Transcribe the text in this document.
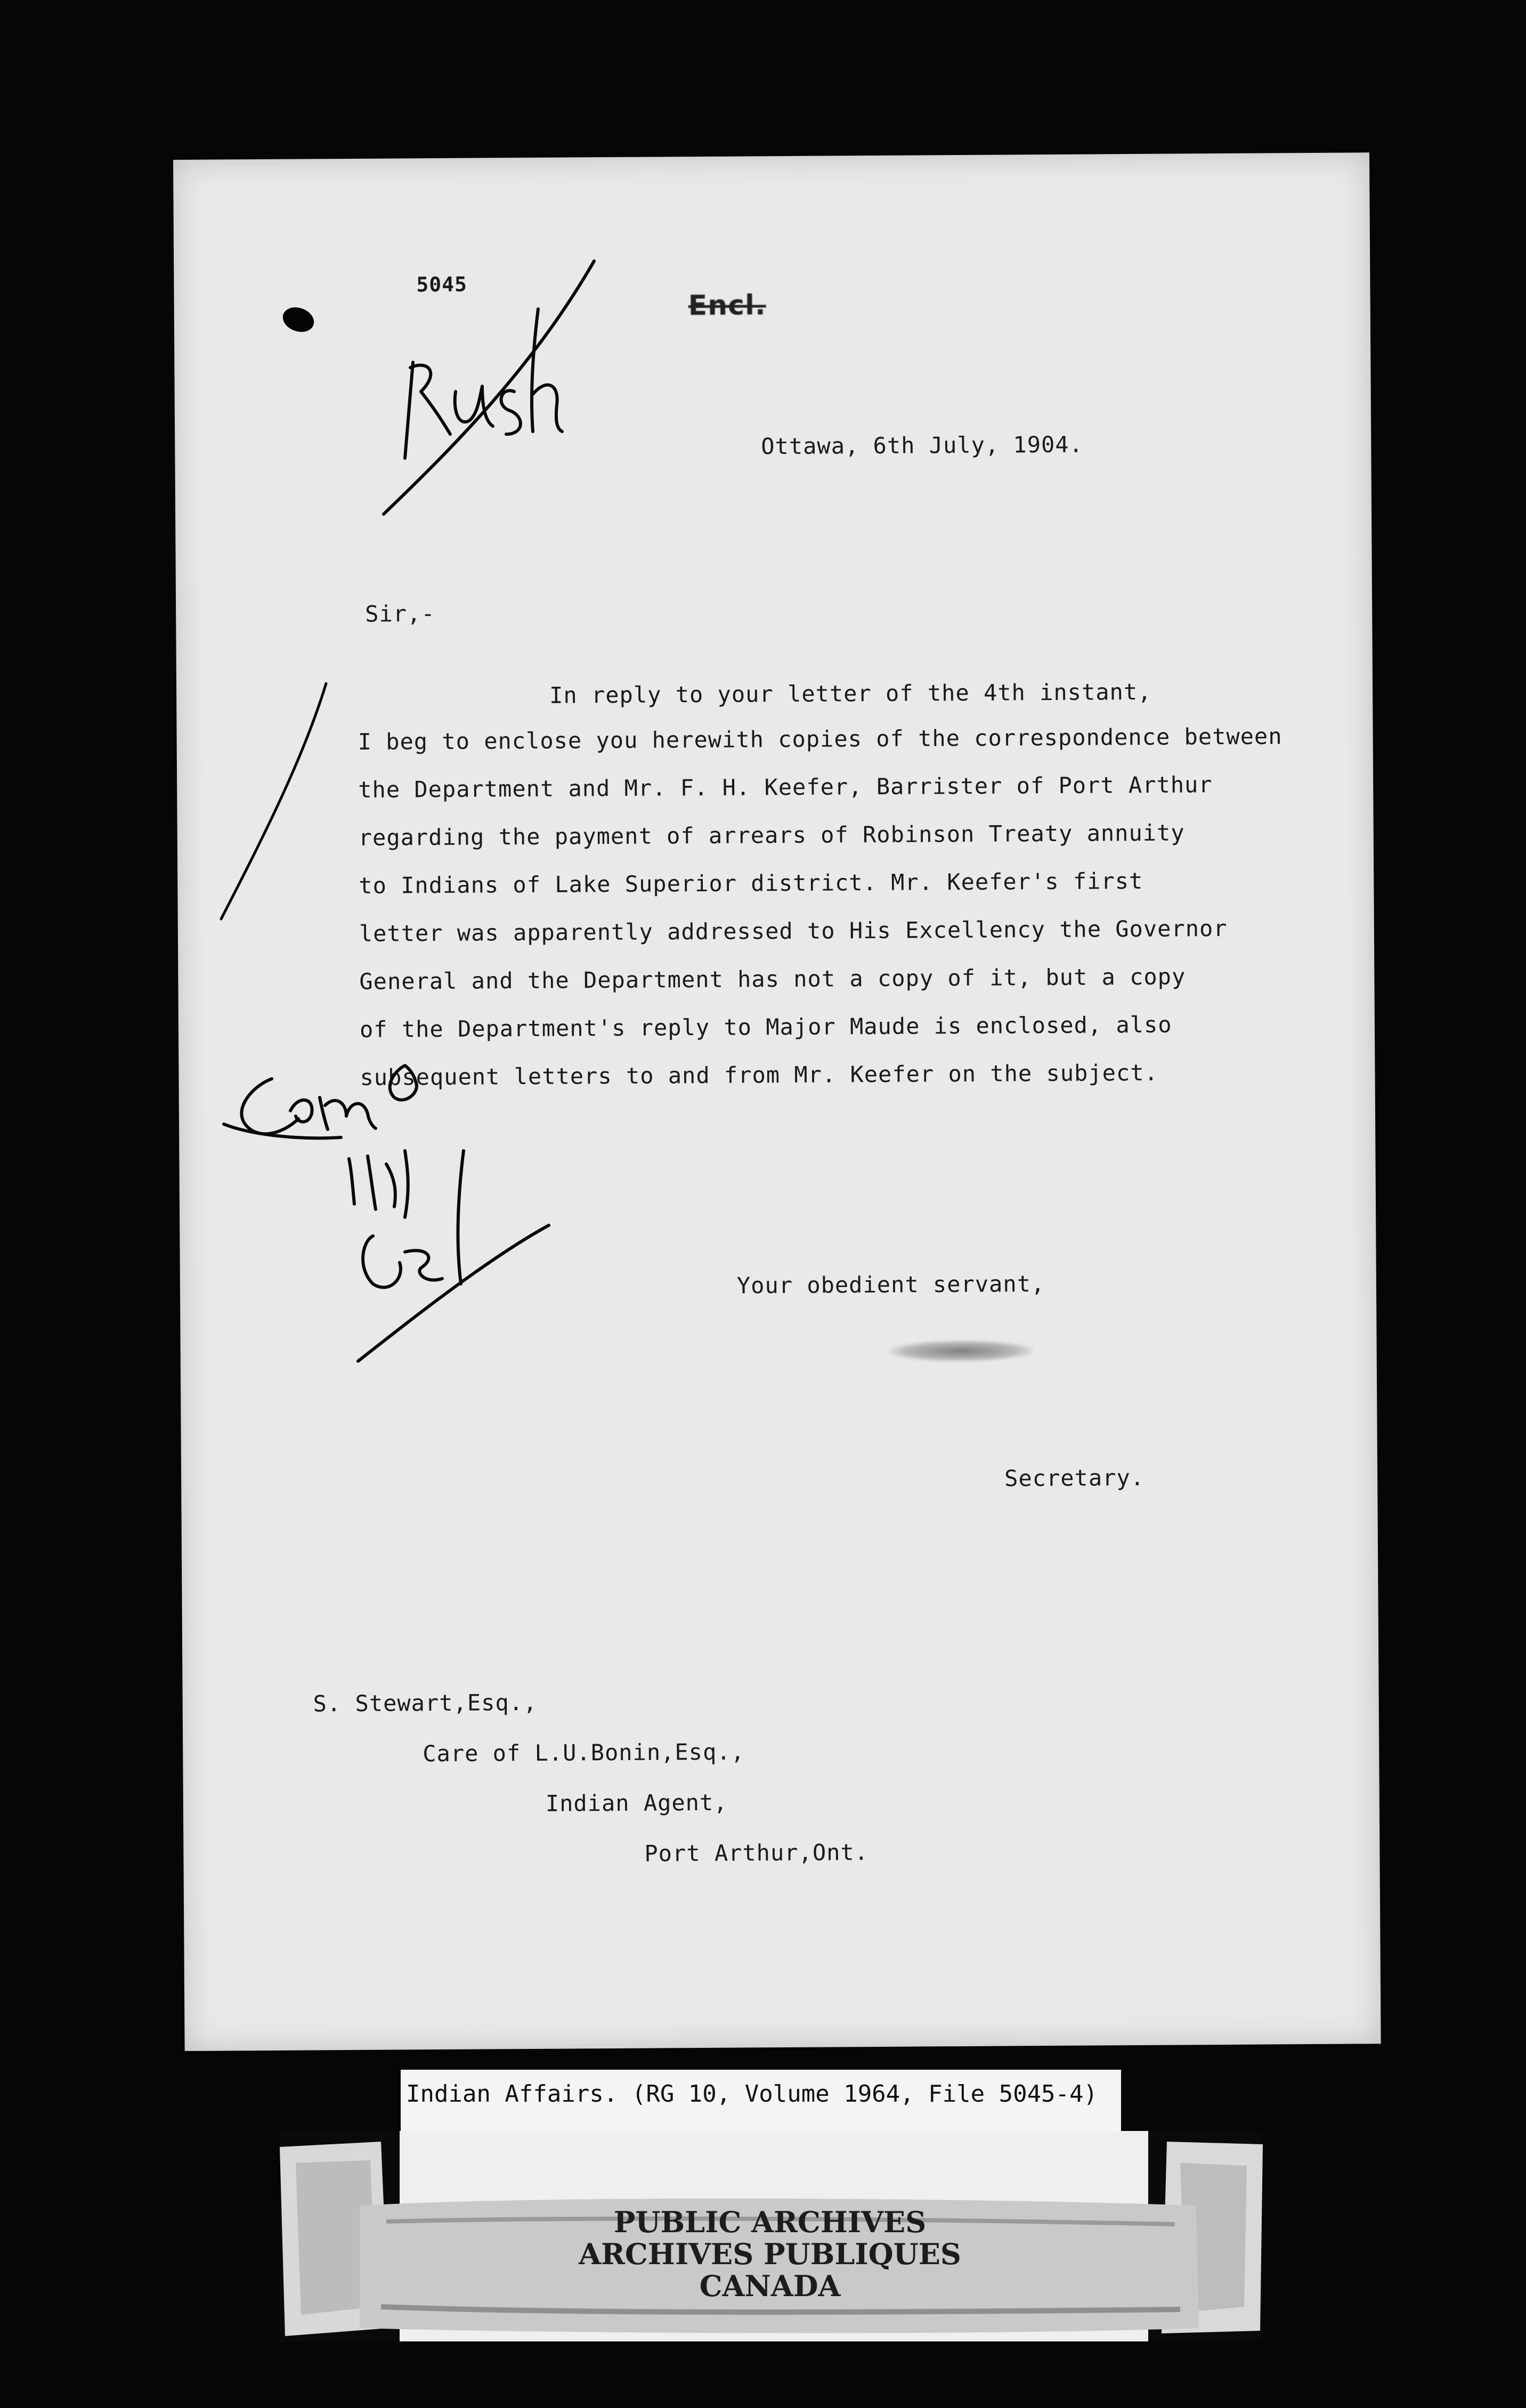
5045
Encl.
Ottawa, 6th July, 1904.
Sir,-
In reply to your letter of the 4th instant,
I beg to enclose you herewith copies of the correspondence between
the Department and Mr. F. H. Keefer, Barrister of Port Arthur
regarding the payment of arrears of Robinson Treaty annuity
to Indians of Lake Superior district. Mr. Keefer's first
letter was apparently addressed to His Excellency the Governor
General and the Department has not a copy of it, but a copy
of the Department's reply to Major Maude is enclosed, also
subsequent letters to and from Mr. Keefer on the subject.
Your obedient servant,
Secretary.
S. Stewart,Esq.,
Care of L.U.Bonin,Esq.,
Indian Agent,
Port Arthur,Ont.
Indian Affairs. (RG 10, Volume 1964, File 5045-4)
PUBLIC ARCHIVES
ARCHIVES PUBLIQUES
CANADA
